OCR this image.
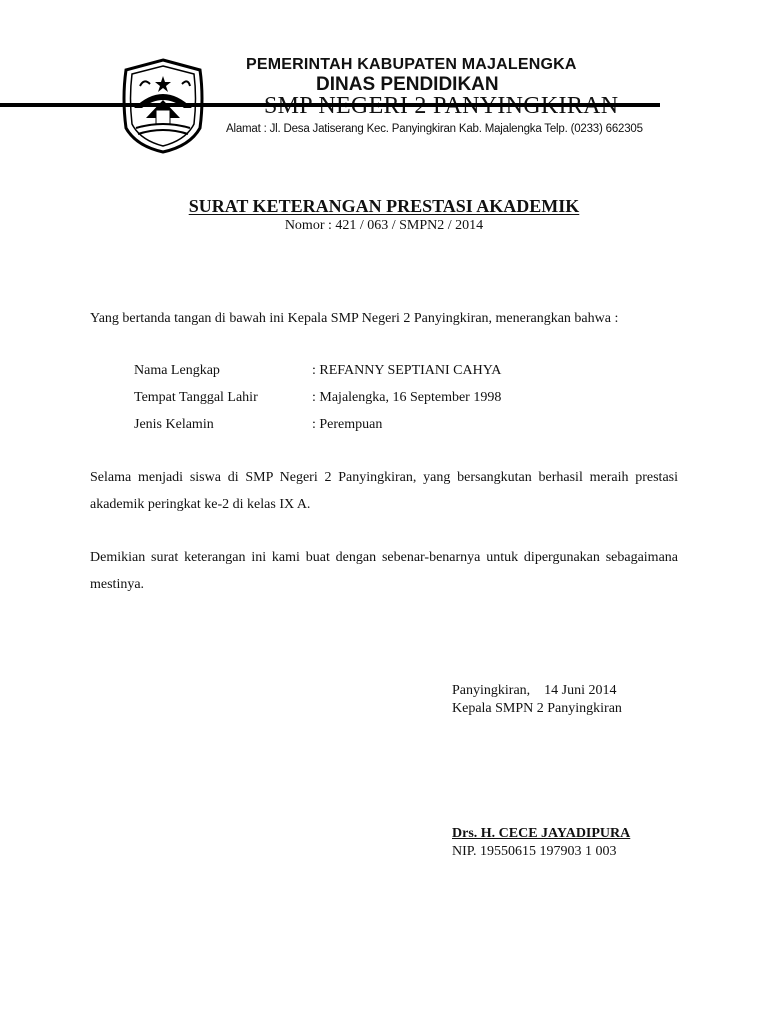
PEMERINTAH KABUPATEN MAJALENGKA
DINAS PENDIDIKAN
Alamat : Jl. Desa Jatiserang Kec. Panyingkiran Kab. Majalengka Telp. (0233) 662305
SURAT KETERANGAN PRESTASI AKADEMIK
Nomor : 421 / 063 / SMPN2 / 2014
Yang bertanda tangan di bawah ini Kepala SMP Negeri 2 Panyingkiran, menerangkan bahwa :
Nama Lengkap	: REFANNY SEPTIANI CAHYA
Tempat Tanggal Lahir	: Majalengka, 16 September 1998
Jenis Kelamin	: Perempuan
Selama menjadi siswa di SMP Negeri 2 Panyingkiran, yang bersangkutan berhasil meraih prestasi akademik peringkat ke-2 di kelas IX A.
Demikian surat keterangan ini kami buat dengan sebenar-benarnya untuk dipergunakan sebagaimana mestinya.
Panyingkiran,    14 Juni 2014
Kepala SMPN 2 Panyingkiran
Drs. H. CECE JAYADIPURA
NIP. 19550615 197903 1 003
